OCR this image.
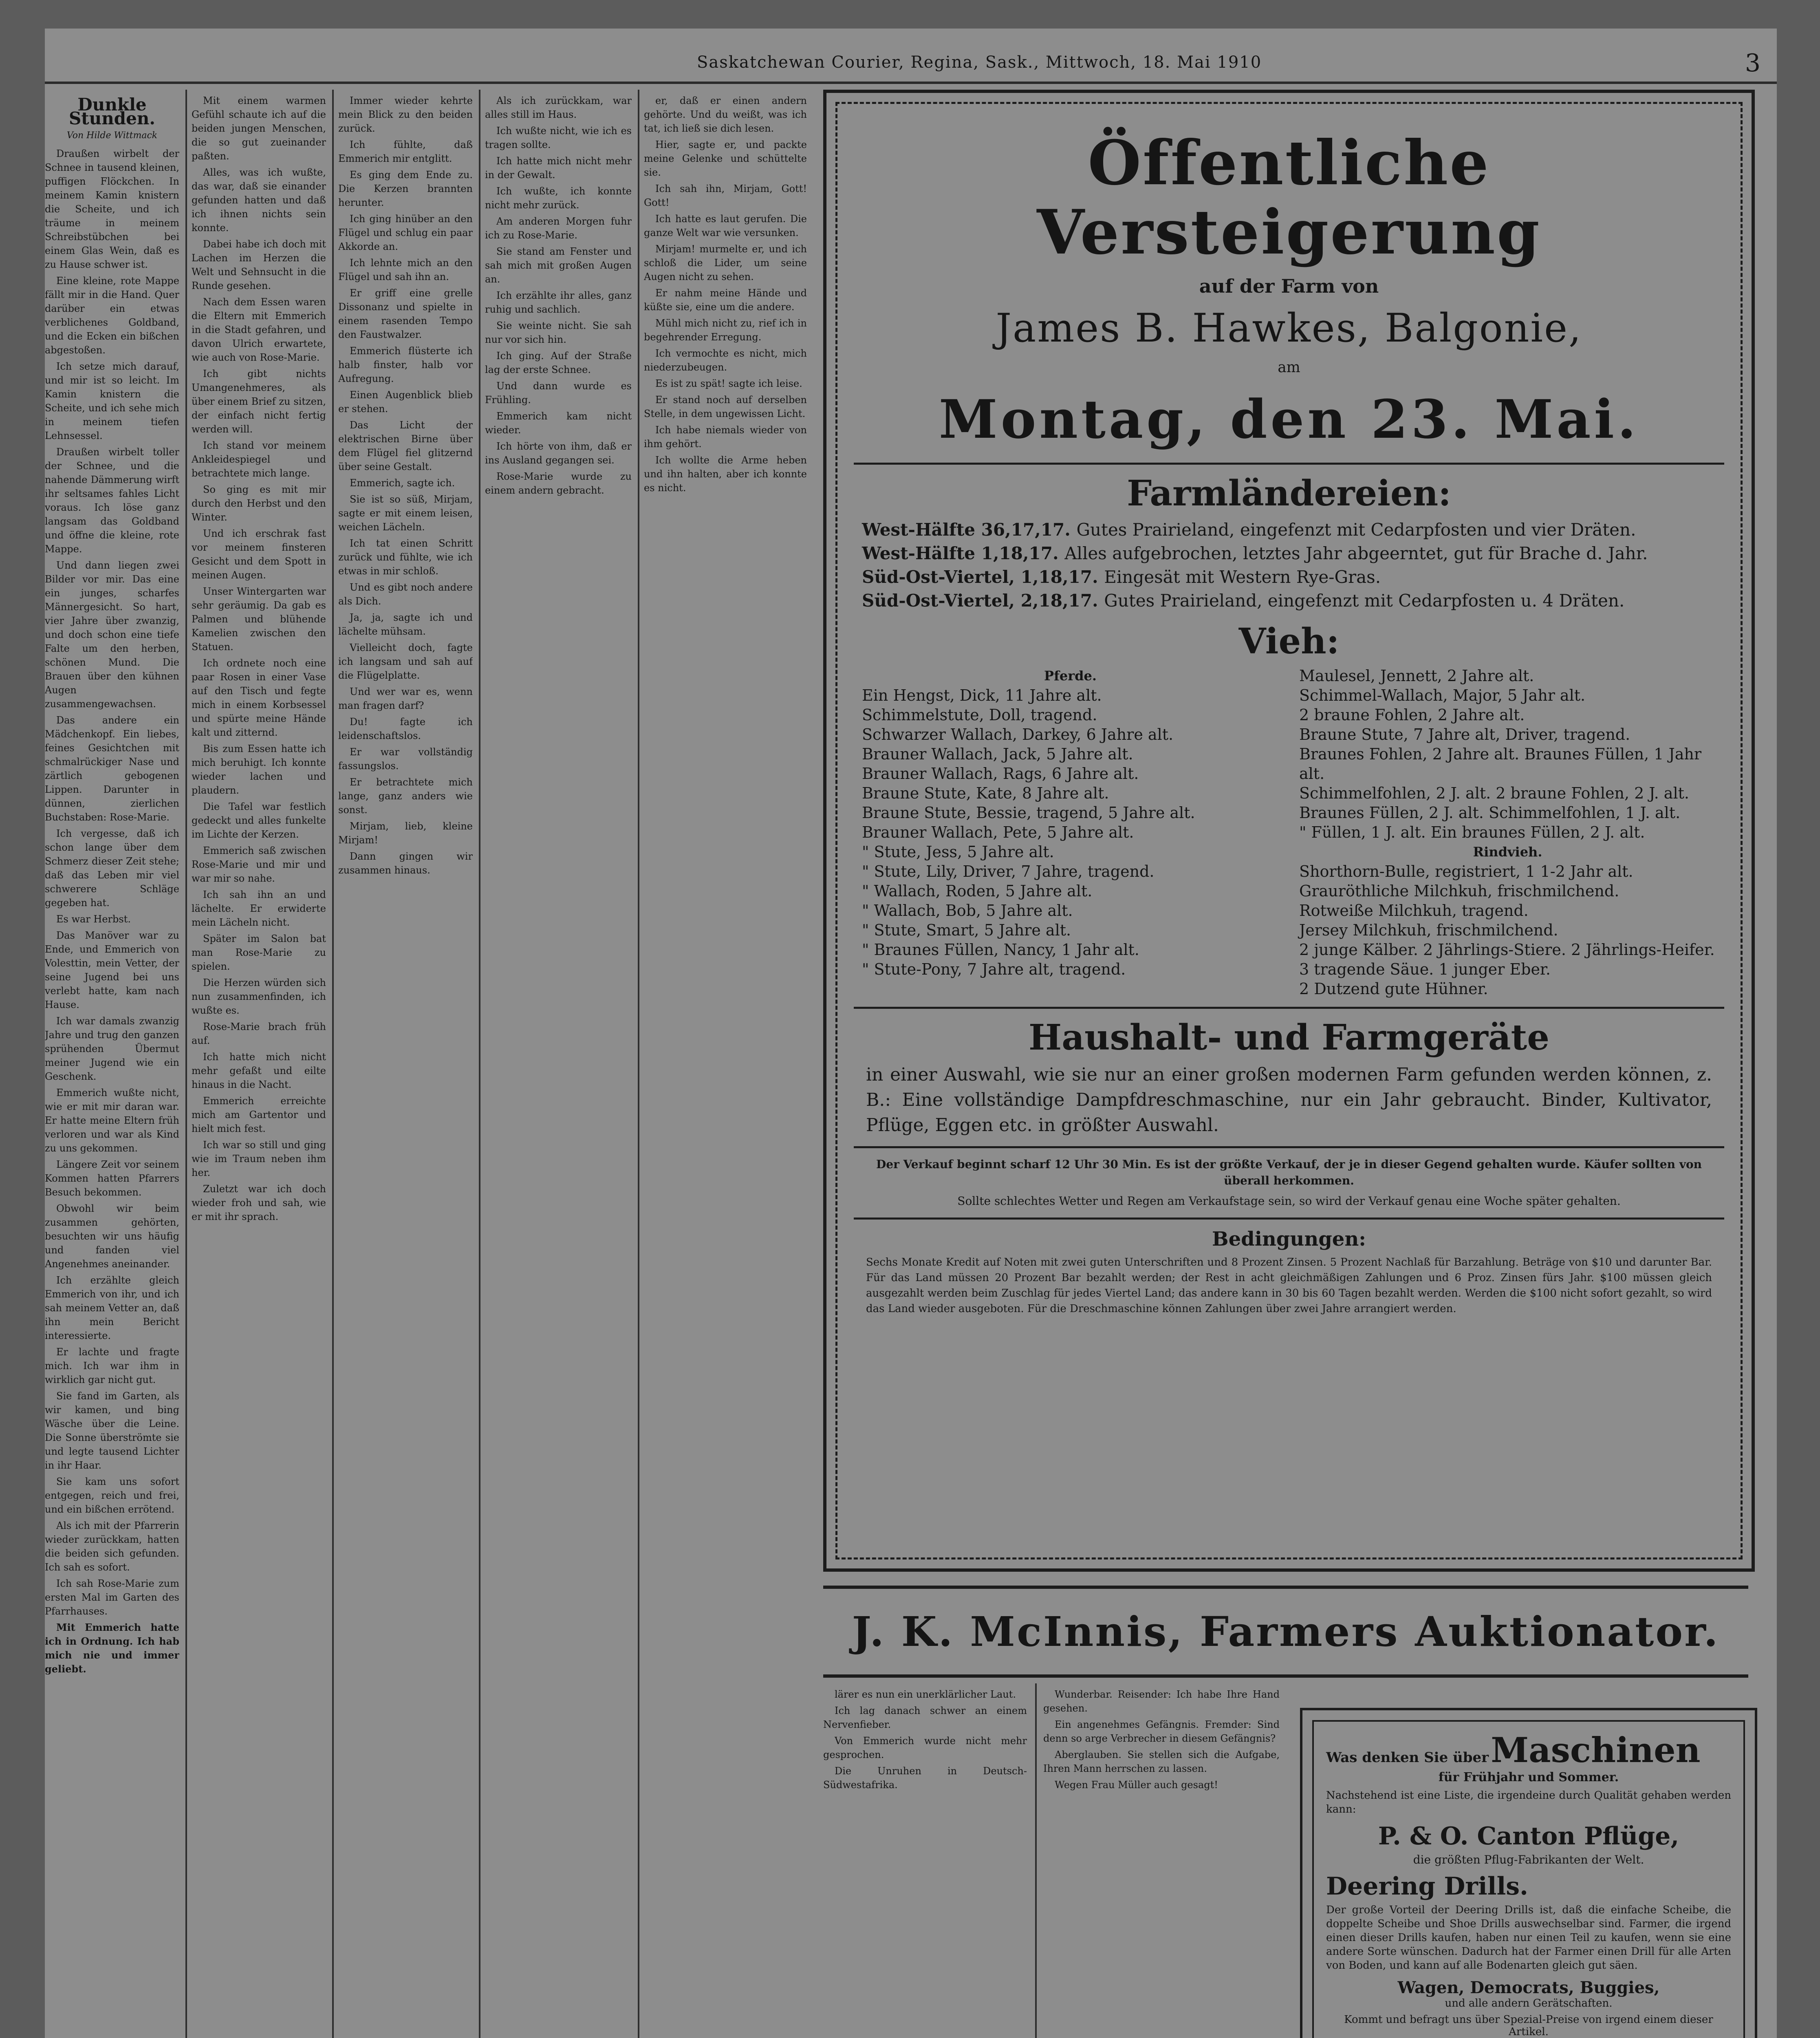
Saskatchewan Courier, Regina, Sask., Mittwoch, 18. Mai 1910	3
Dunkle Stunden.
Von Hilde Wittmack

Draußen wirbelt der Schnee in tausend kleinen, puffigen Flöckchen. In meinem Kamin knistern die Scheite, und ich träume in meinem Schreibstübchen bei einem Glas Wein, daß es zu Hause schwer ist.

Eine kleine, rote Mappe fällt mir in die Hand. Quer darüber ein etwas verblichenes Goldband, und die Ecken ein bißchen abgestoßen.

Ich setze mich darauf, und mir ist so leicht. Im Kamin knistern die Scheite, und ich sehe mich in meinem tiefen Lehnsessel.

Draußen wirbelt toller der Schnee, und die nahende Dämmerung wirft ihr seltsames fahles Licht voraus. Ich löse ganz langsam das Goldband und öffne die kleine, rote Mappe.

Und dann liegen zwei Bilder vor mir. Das eine ein junges, scharfes Männergesicht. So hart, vier Jahre über zwanzig, und doch schon eine tiefe Falte um den herben, schönen Mund. Die Brauen über den kühnen Augen zusammengewachsen.

Das andere ein Mädchenkopf. Ein liebes, feines Gesichtchen mit schmalrückiger Nase und zärtlich gebogenen Lippen. Darunter in dünnen, zierlichen Buchstaben: Rose-Marie.

Ich vergesse, daß ich schon lange über dem Schmerz dieser Zeit stehe; daß das Leben mir viel schwerere Schläge gegeben hat.

Es war Herbst.

Das Manöver war zu Ende, und Emmerich von Volesttin, mein Vetter, der seine Jugend bei uns verlebt hatte, kam nach Hause.

Ich war damals zwanzig Jahre und trug den ganzen sprühenden Übermut meiner Jugend wie ein Geschenk.

Emmerich wußte nicht, wie er mit mir daran war. Er hatte meine Eltern früh verloren und war als Kind zu uns gekommen.

Längere Zeit vor seinem Kommen hatten Pfarrers Besuch bekommen.

Obwohl wir beim zusammen gehörten, besuchten wir uns häufig und fanden viel Angenehmes aneinander.

Ich erzählte gleich Emmerich von ihr, und ich sah meinem Vetter an, daß ihn mein Bericht interessierte.

Er lachte und fragte mich. Ich war ihm in wirklich gar nicht gut.

Sie fand im Garten, als wir kamen, und bing Wäsche über die Leine. Die Sonne überströmte sie und legte tausend Lichter in ihr Haar.

Sie kam uns sofort entgegen, reich und frei, und ein bißchen errötend.

Als ich mit der Pfarrerin wieder zurückkam, hatten die beiden sich gefunden. Ich sah es sofort.

Ich sah Rose-Marie zum ersten Mal im Garten des Pfarrhauses.

Mit Emmerich hatte ich in Ordnung. Ich hab mich nie und immer geliebt.

Mit einem warmen Gefühl schaute ich auf die beiden jungen Menschen, die so gut zueinander paßten.

Alles, was ich wußte, das war, daß sie einander gefunden hatten und daß ich ihnen nichts sein konnte.

Dabei habe ich doch mit Lachen im Herzen die Welt und Sehnsucht in die Runde gesehen.

Nach dem Essen waren die Eltern mit Emmerich in die Stadt gefahren, und davon Ulrich erwartete, wie auch von Rose-Marie.

Ich gibt nichts Umangenehmeres, als über einem Brief zu sitzen, der einfach nicht fertig werden will.

Ich stand vor meinem Ankleidespiegel und betrachtete mich lange.

So ging es mit mir durch den Herbst und den Winter.

Und ich erschrak fast vor meinem finsteren Gesicht und dem Spott in meinen Augen.

Unser Wintergarten war sehr geräumig. Da gab es Palmen und blühende Kamelien zwischen den Statuen.

Ich ordnete noch eine paar Rosen in einer Vase auf den Tisch und fegte mich in einem Korbsessel und spürte meine Hände kalt und zitternd.

Bis zum Essen hatte ich mich beruhigt. Ich konnte wieder lachen und plaudern.

Die Tafel war festlich gedeckt und alles funkelte im Lichte der Kerzen.

Emmerich saß zwischen Rose-Marie und mir und war mir so nahe.

Ich sah ihn an und lächelte. Er erwiderte mein Lächeln nicht.

Später im Salon bat man Rose-Marie zu spielen.

Die Herzen würden sich nun zusammenfinden, ich wußte es.

Rose-Marie brach früh auf.

Ich hatte mich nicht mehr gefaßt und eilte hinaus in die Nacht.

Emmerich erreichte mich am Gartentor und hielt mich fest.

Ich war so still und ging wie im Traum neben ihm her.

Zuletzt war ich doch wieder froh und sah, wie er mit ihr sprach.

Immer wieder kehrte mein Blick zu den beiden zurück.

Ich fühlte, daß Emmerich mir entglitt.

Es ging dem Ende zu. Die Kerzen brannten herunter.

Ich ging hinüber an den Flügel und schlug ein paar Akkorde an.

Ich lehnte mich an den Flügel und sah ihn an.

Er griff eine grelle Dissonanz und spielte in einem rasenden Tempo den Faustwalzer.

Emmerich flüsterte ich halb finster, halb vor Aufregung.

Einen Augenblick blieb er stehen.

Das Licht der elektrischen Birne über dem Flügel fiel glitzernd über seine Gestalt.

Emmerich, sagte ich.

Sie ist so süß, Mirjam, sagte er mit einem leisen, weichen Lächeln.

Ich tat einen Schritt zurück und fühlte, wie ich etwas in mir schloß.

Und es gibt noch andere als Dich.

Ja, ja, sagte ich und lächelte mühsam.

Vielleicht doch, fagte ich langsam und sah auf die Flügelplatte.

Und wer war es, wenn man fragen darf?

Du! fagte ich leidenschaftslos.

Er war vollständig fassungslos.

Er betrachtete mich lange, ganz anders wie sonst.

Mirjam, lieb, kleine Mirjam!

Dann gingen wir zusammen hinaus.

Als ich zurückkam, war alles still im Haus.

Ich wußte nicht, wie ich es tragen sollte.

Ich hatte mich nicht mehr in der Gewalt.

Ich wußte, ich konnte nicht mehr zurück.

Am anderen Morgen fuhr ich zu Rose-Marie.

Sie stand am Fenster und sah mich mit großen Augen an.

Ich erzählte ihr alles, ganz ruhig und sachlich.

Sie weinte nicht. Sie sah nur vor sich hin.

Ich ging. Auf der Straße lag der erste Schnee.

Und dann wurde es Frühling.

Emmerich kam nicht wieder.

Ich hörte von ihm, daß er ins Ausland gegangen sei.

Rose-Marie wurde zu einem andern gebracht.

er, daß er einen andern gehörte. Und du weißt, was ich tat, ich ließ sie dich lesen.

Hier, sagte er, und packte meine Gelenke und schüttelte sie.

Ich sah ihn, Mirjam, Gott! Gott!

Ich hatte es laut gerufen. Die ganze Welt war wie versunken.

Mirjam! murmelte er, und ich schloß die Lider, um seine Augen nicht zu sehen.

Er nahm meine Hände und küßte sie, eine um die andere.

Mühl mich nicht zu, rief ich in begehrender Erregung.

Ich vermochte es nicht, mich niederzubeugen.

Es ist zu spät! sagte ich leise.

Er stand noch auf derselben Stelle, in dem ungewissen Licht.

Ich habe niemals wieder von ihm gehört.

Ich wollte die Arme heben und ihn halten, aber ich konnte es nicht.

lärer es nun ein unerklärlicher Laut.

Ich lag danach schwer an einem Nervenfieber.

Von Emmerich wurde nicht mehr gesprochen.

Die Unruhen in Deutsch-Südwestafrika.

Wunderbar. Reisender: Ich habe Ihre Hand gesehen.

Ein angenehmes Gefängnis. Fremder: Sind denn so arge Verbrecher in diesem Gefängnis?

Aberglauben. Sie stellen sich die Aufgabe, Ihren Mann herrschen zu lassen.

Wegen Frau Müller auch gesagt!

Öffentliche Versteigerung
auf der Farm von
James B. Hawkes, Balgonie,
am
Montag, den 23. Mai.
Farmländereien:
West-Hälfte 36,17,17. Gutes Prairieland, eingefenzt mit Cedarpfosten und vier Dräten.
West-Hälfte 1,18,17. Alles aufgebrochen, letztes Jahr abgeerntet, gut für Brache d. Jahr.
Süd-Ost-Viertel, 1,18,17. Eingesät mit Western Rye-Gras.
Süd-Ost-Viertel, 2,18,17. Gutes Prairieland, eingefenzt mit Cedarpfosten u. 4 Dräten.
Vieh:
Pferde.
Ein Hengst, Dick, 11 Jahre alt.
Schimmelstute, Doll, tragend.
Schwarzer Wallach, Darkey, 6 Jahre alt.
Brauner Wallach, Jack, 5 Jahre alt.
Brauner Wallach, Rags, 6 Jahre alt.
Braune Stute, Kate, 8 Jahre alt.
Braune Stute, Bessie, tragend, 5 Jahre alt.
Brauner Wallach, Pete, 5 Jahre alt.
" Stute, Jess, 5 Jahre alt.
" Stute, Lily, Driver, 7 Jahre, tragend.
" Wallach, Roden, 5 Jahre alt.
" Wallach, Bob, 5 Jahre alt.
" Stute, Smart, 5 Jahre alt.
" Braunes Füllen, Nancy, 1 Jahr alt.
" Stute-Pony, 7 Jahre alt, tragend.
Maulesel, Jennett, 2 Jahre alt.
Schimmel-Wallach, Major, 5 Jahr alt.
2 braune Fohlen, 2 Jahre alt.
Braune Stute, 7 Jahre alt, Driver, tragend.
Braunes Fohlen, 2 Jahre alt. Braunes Füllen, 1 Jahr alt.
Schimmelfohlen, 2 J. alt. 2 braune Fohlen, 2 J. alt.
Braunes Füllen, 2 J. alt. Schimmelfohlen, 1 J. alt.
" Füllen, 1 J. alt. Ein braunes Füllen, 2 J. alt.
Rindvieh.
Shorthorn-Bulle, registriert, 1 1-2 Jahr alt.
Grauröthliche Milchkuh, frischmilchend.
Rotweiße Milchkuh, tragend.
Jersey Milchkuh, frischmilchend.
2 junge Kälber. 2 Jährlings-Stiere. 2 Jährlings-Heifer.
3 tragende Säue. 1 junger Eber.
2 Dutzend gute Hühner.
Haushalt- und Farmgeräte
in einer Auswahl, wie sie nur an einer großen modernen Farm gefunden werden können, z. B.: Eine vollständige Dampfdreschmaschine, nur ein Jahr gebraucht. Binder, Kultivator, Pflüge, Eggen etc. in größter Auswahl.
Der Verkauf beginnt scharf 12 Uhr 30 Min. Es ist der größte Verkauf, der je in dieser Gegend gehalten wurde. Käufer sollten von überall herkommen.
Sollte schlechtes Wetter und Regen am Verkaufstage sein, so wird der Verkauf genau eine Woche später gehalten.
Bedingungen:
Sechs Monate Kredit auf Noten mit zwei guten Unterschriften und 8 Prozent Zinsen. 5 Prozent Nachlaß für Barzahlung. Beträge von $10 und darunter Bar. Für das Land müssen 20 Prozent Bar bezahlt werden; der Rest in acht gleichmäßigen Zahlungen und 6 Proz. Zinsen fürs Jahr. $100 müssen gleich ausgezahlt werden beim Zuschlag für jedes Viertel Land; das andere kann in 30 bis 60 Tagen bezahlt werden. Werden die $100 nicht sofort gezahlt, so wird das Land wieder ausgeboten. Für die Dreschmaschine können Zahlungen über zwei Jahre arrangiert werden.
J. K. McInnis, Farmers Auktionator.
Was denken Sie über Maschinen
für Frühjahr und Sommer.
Nachstehend ist eine Liste, die irgendeine durch Qualität gehaben werden kann:
P. & O. Canton Pflüge,
die größten Pflug-Fabrikanten der Welt.
Deering Drills.
Der große Vorteil der Deering Drills ist, daß die einfache Scheibe, die doppelte Scheibe und Shoe Drills auswechselbar sind. Farmer, die irgend einen dieser Drills kaufen, haben nur einen Teil zu kaufen, wenn sie eine andere Sorte wünschen. Dadurch hat der Farmer einen Drill für alle Arten von Boden, und kann auf alle Bodenarten gleich gut säen.
Wagen, Democrats, Buggies,
und alle andern Gerätschaften.
Kommt und befragt uns über Spezial-Preise von irgend einem dieser Artikel.
